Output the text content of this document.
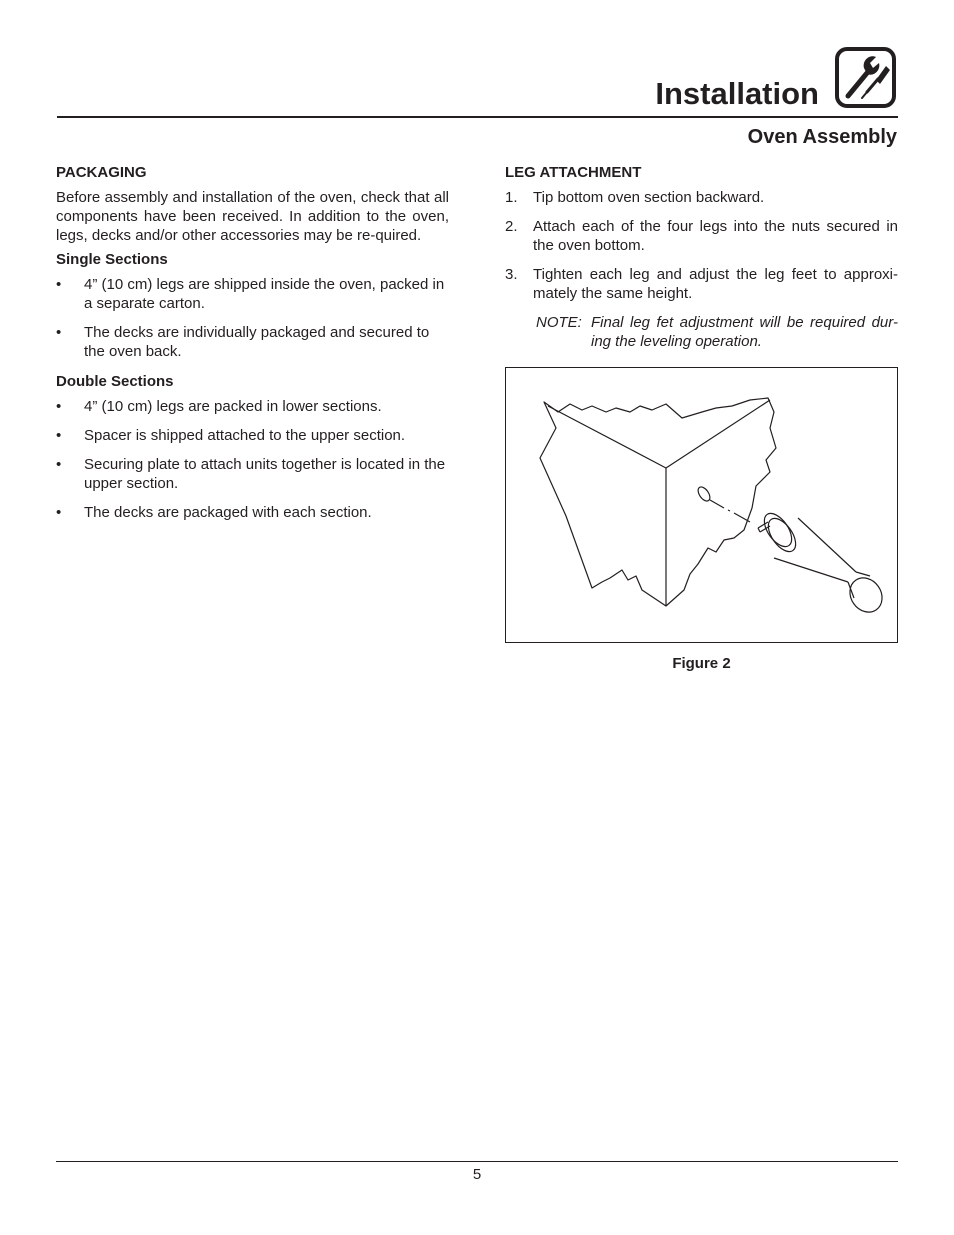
Installation
Oven Assembly

PACKAGING

Before assembly and installation of the oven, check that all components have been received. In addition to the oven, legs, decks and/or other accessories may be re-quired.

Single Sections

• 4” (10 cm) legs are shipped inside the oven, packed in a separate carton.
• The decks are individually packaged and secured to the oven back.

Double Sections

• 4” (10 cm) legs are packed in lower sections.
• Spacer is shipped attached to the upper section.
• Securing plate to attach units together is located in the upper section.
• The decks are packaged with each section.

LEG ATTACHMENT

1. Tip bottom oven section backward.
2. Attach each of the four legs into the nuts secured in the oven bottom.
3. Tighten each leg and adjust the leg feet to approxi-mately the same height.
NOTE: Final leg fet adjustment will be required dur-ing the leveling operation.
Figure 2
5
